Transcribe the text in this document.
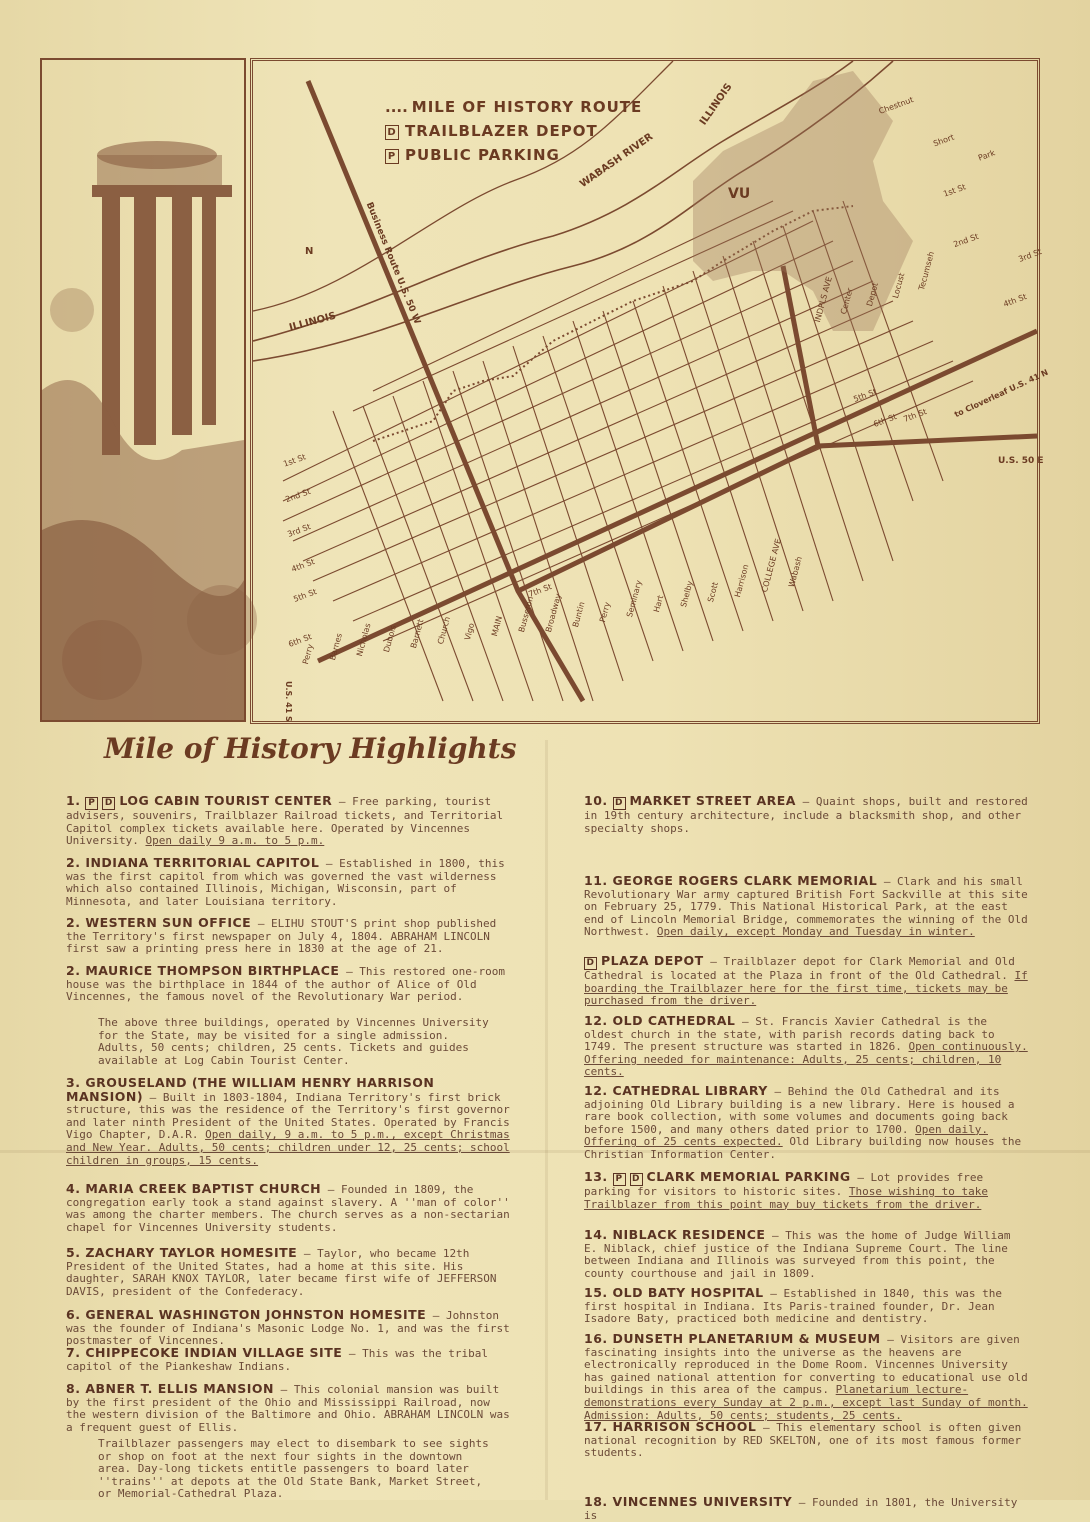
.... MILE OF HISTORY ROUTE
D TRAILBLAZER DEPOT
P PUBLIC PARKING
ILLINOIS
WABASH RIVER
ILLINOIS
VU
N	Business Route U.S. 50 W
to Cloverleaf U.S. 41 N
U.S. 50 E
U.S. 41 S
1st St
2nd St
3rd St
4th St
5th St
6th St
7th St
5th St
6th St 7th St
Chestnut
Short
Park
1st St
2nd St
3rd St
4th St
Perry Barnes Nicholas Dubois Barnett Church Vigo MAIN Busseron Broadway Buntin Perry Seminary Hart Shelby Scott Harrison COLLEGE AVE Wabash
INDPLS AVE Center Depot Locust Tecumseh
Mile of History Highlights
1. P D LOG CABIN TOURIST CENTER – Free parking, tourist advisers, souvenirs, Trailblazer Railroad tickets, and Territorial Capitol complex tickets available here. Operated by Vincennes University. Open daily 9 a.m. to 5 p.m.
2. INDIANA TERRITORIAL CAPITOL – Established in 1800, this was the first capitol from which was governed the vast wilderness which also contained Illinois, Michigan, Wisconsin, part of Minnesota, and later Louisiana territory.
2. WESTERN SUN OFFICE – ELIHU STOUT'S print shop published the Territory's first newspaper on July 4, 1804. ABRAHAM LINCOLN first saw a printing press here in 1830 at the age of 21.
2. MAURICE THOMPSON BIRTHPLACE – This restored one-room house was the birthplace in 1844 of the author of Alice of Old Vincennes, the famous novel of the Revolutionary War period.
The above three buildings, operated by Vincennes University for the State, may be visited for a single admission. Adults, 50 cents; children, 25 cents. Tickets and guides available at Log Cabin Tourist Center.
3. GROUSELAND (THE WILLIAM HENRY HARRISON MANSION) – Built in 1803-1804, Indiana Territory's first brick structure, this was the residence of the Territory's first governor and later ninth President of the United States. Operated by Francis Vigo Chapter, D.A.R. Open daily, 9 a.m. to 5 p.m., except Christmas and New Year. Adults, 50 cents; children under 12, 25 cents; school children in groups, 15 cents.
4. MARIA CREEK BAPTIST CHURCH – Founded in 1809, the congregation early took a stand against slavery. A ''man of color'' was among the charter members. The church serves as a non-sectarian chapel for Vincennes University students.
5. ZACHARY TAYLOR HOMESITE – Taylor, who became 12th President of the United States, had a home at this site. His daughter, SARAH KNOX TAYLOR, later became first wife of JEFFERSON DAVIS, president of the Confederacy.
6. GENERAL WASHINGTON JOHNSTON HOMESITE – Johnston was the founder of Indiana's Masonic Lodge No. 1, and was the first postmaster of Vincennes.
7. CHIPPECOKE INDIAN VILLAGE SITE – This was the tribal capitol of the Piankeshaw Indians.
8. ABNER T. ELLIS MANSION – This colonial mansion was built by the first president of the Ohio and Mississippi Railroad, now the western division of the Baltimore and Ohio. ABRAHAM LINCOLN was a frequent guest of Ellis.
Trailblazer passengers may elect to disembark to see sights or shop on foot at the next four sights in the downtown area. Day-long tickets entitle passengers to board later ''trains'' at depots at the Old State Bank, Market Street, or Memorial-Cathedral Plaza.
10. D MARKET STREET AREA – Quaint shops, built and restored in 19th century architecture, include a blacksmith shop, and other specialty shops.
11. GEORGE ROGERS CLARK MEMORIAL – Clark and his small Revolutionary War army captured British Fort Sackville at this site on February 25, 1779. This National Historical Park, at the east end of Lincoln Memorial Bridge, commemorates the winning of the Old Northwest. Open daily, except Monday and Tuesday in winter.
D PLAZA DEPOT – Trailblazer depot for Clark Memorial and Old Cathedral is located at the Plaza in front of the Old Cathedral. If boarding the Trailblazer here for the first time, tickets may be purchased from the driver.
12. OLD CATHEDRAL – St. Francis Xavier Cathedral is the oldest church in the state, with parish records dating back to 1749. The present structure was started in 1826. Open continuously. Offering needed for maintenance: Adults, 25 cents; children, 10 cents.
12. CATHEDRAL LIBRARY – Behind the Old Cathedral and its adjoining Old Library building is a new library. Here is housed a rare book collection, with some volumes and documents going back before 1500, and many others dated prior to 1700. Open daily. Offering of 25 cents expected. Old Library building now houses the Christian Information Center.
13. P D CLARK MEMORIAL PARKING – Lot provides free parking for visitors to historic sites. Those wishing to take Trailblazer from this point may buy tickets from the driver.
14. NIBLACK RESIDENCE – This was the home of Judge William E. Niblack, chief justice of the Indiana Supreme Court. The line between Indiana and Illinois was surveyed from this point, the county courthouse and jail in 1809.
15. OLD BATY HOSPITAL – Established in 1840, this was the first hospital in Indiana. Its Paris-trained founder, Dr. Jean Isadore Baty, practiced both medicine and dentistry.
16. DUNSETH PLANETARIUM & MUSEUM – Visitors are given fascinating insights into the universe as the heavens are electronically reproduced in the Dome Room. Vincennes University has gained national attention for converting to educational use old buildings in this area of the campus. Planetarium lecture-demonstrations every Sunday at 2 p.m., except last Sunday of month. Admission: Adults, 50 cents; students, 25 cents.
17. HARRISON SCHOOL – This elementary school is often given national recognition by RED SKELTON, one of its most famous former students.
18. VINCENNES UNIVERSITY – Founded in 1801, the University is
